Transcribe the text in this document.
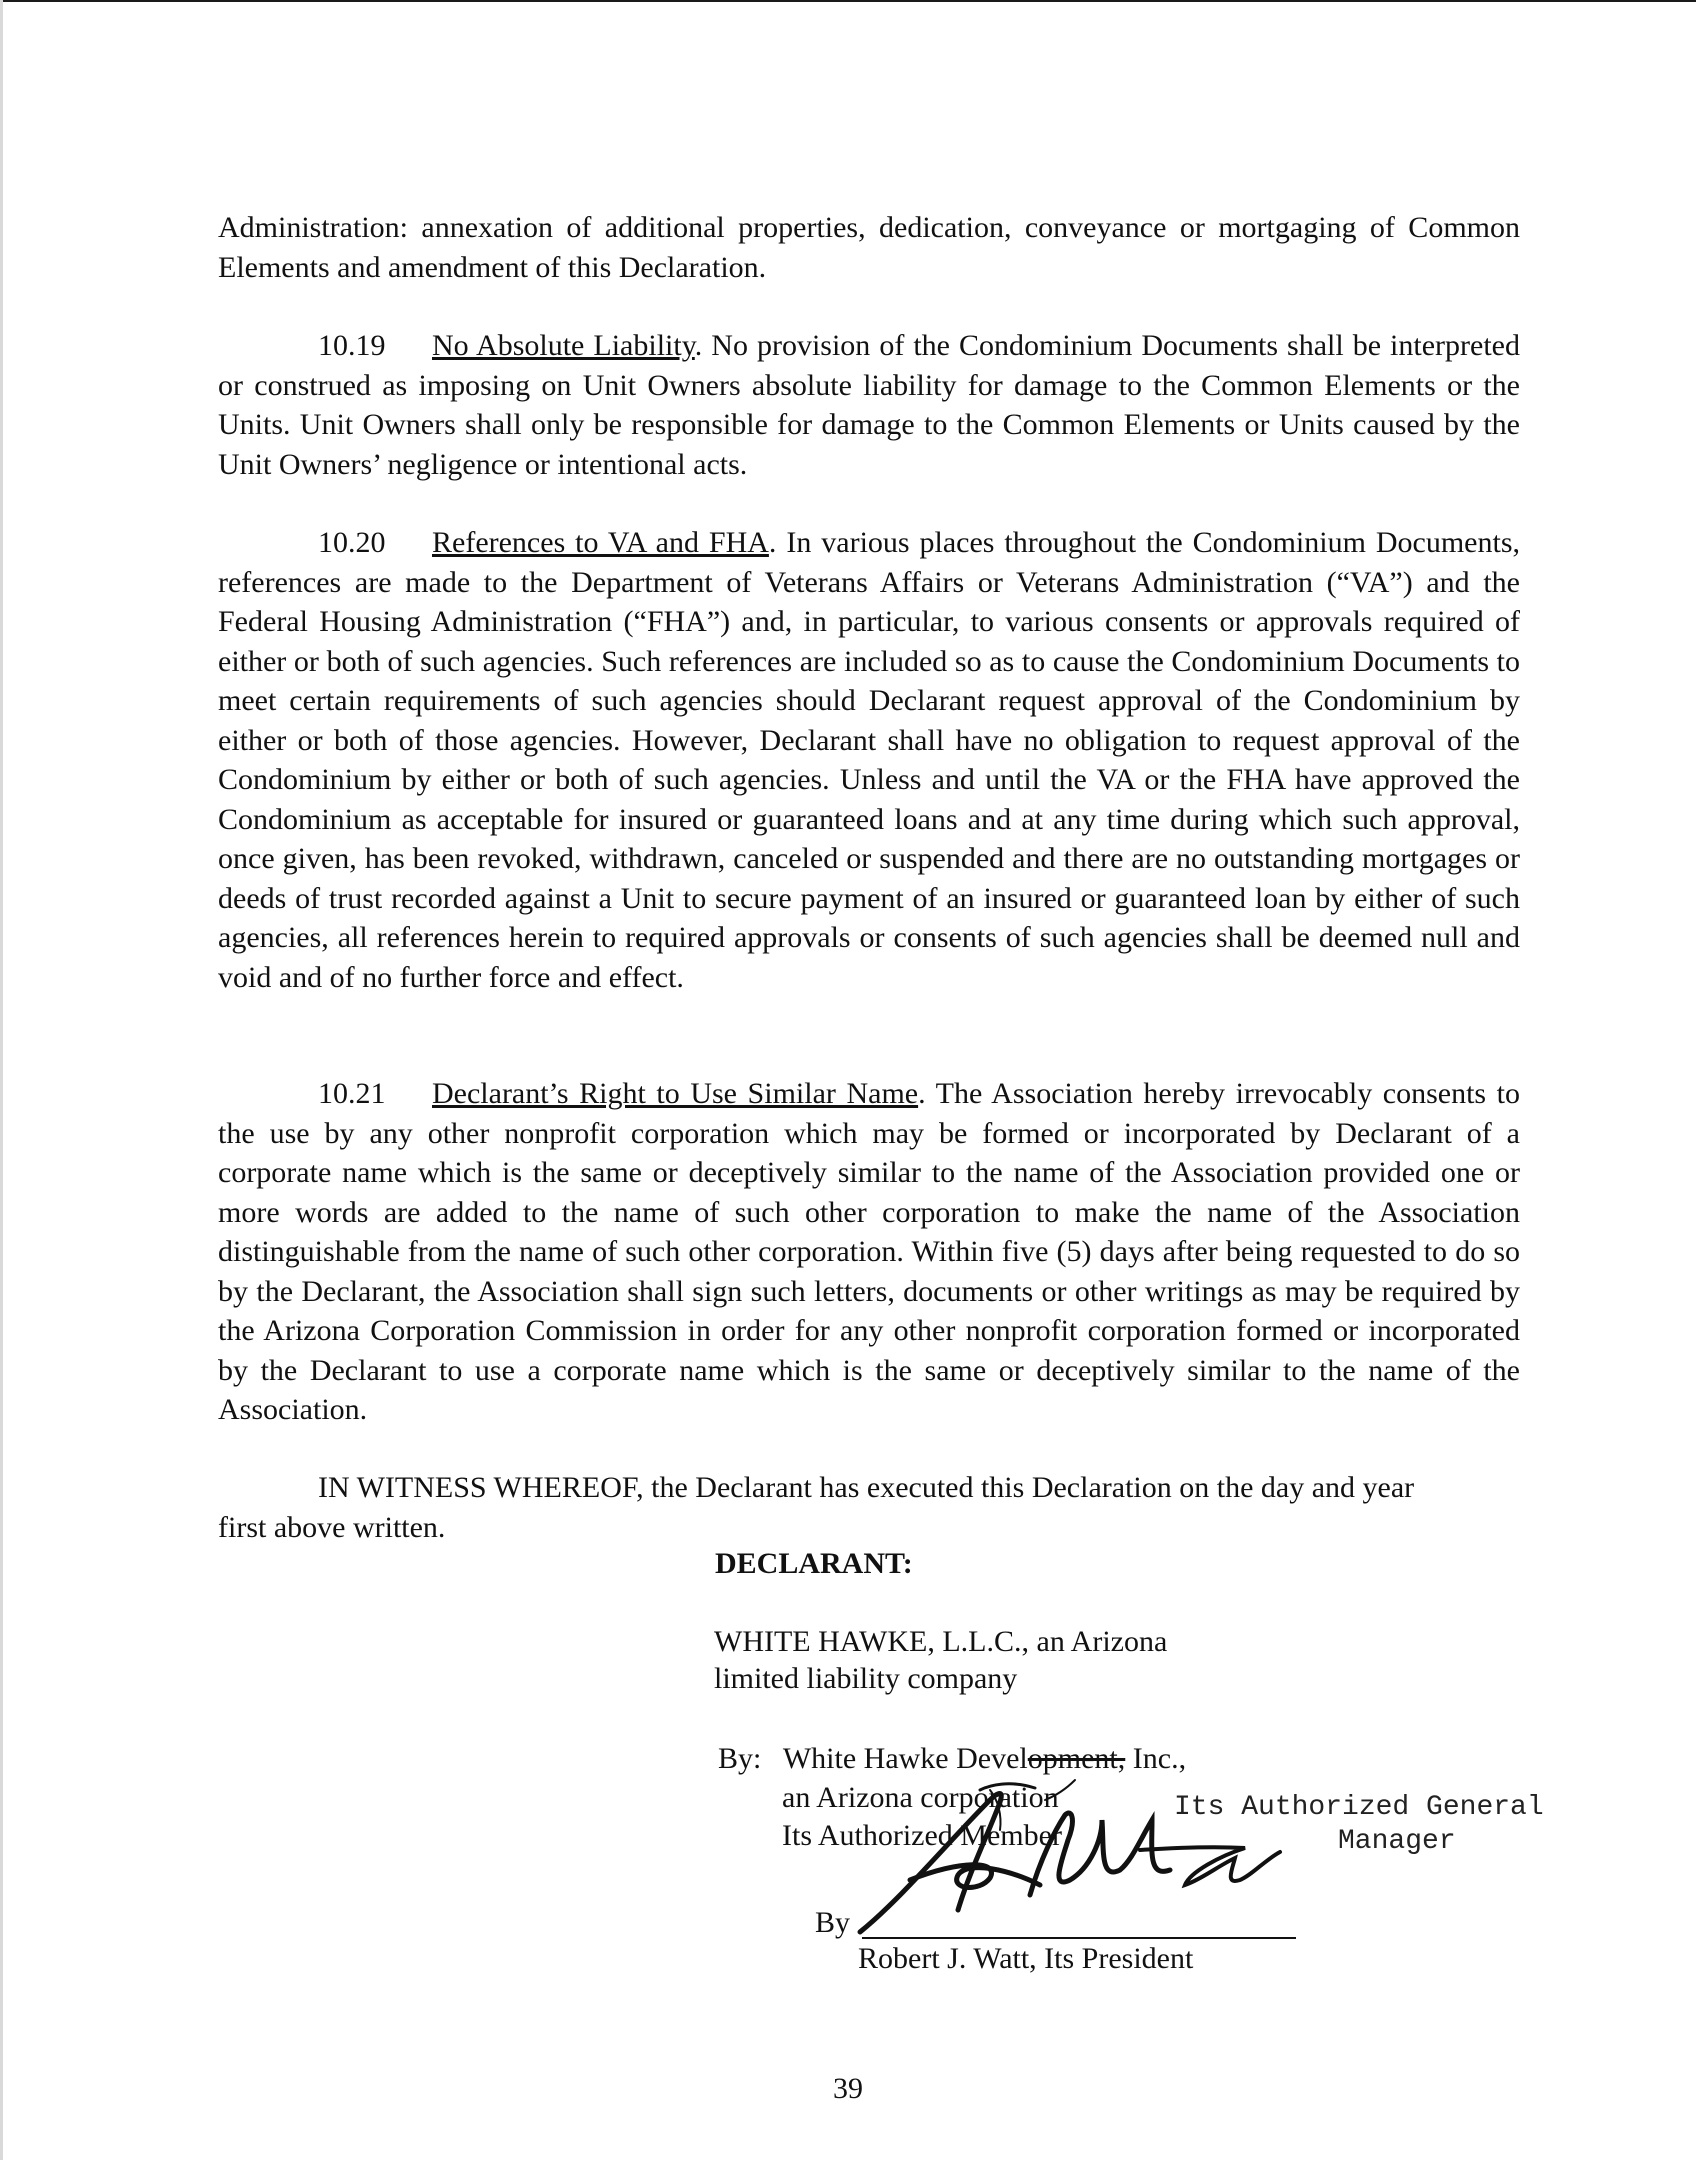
Administration: annexation of additional properties, dedication, conveyance or mortgaging of Common Elements and amendment of this Declaration.

10.19 No Absolute Liability. No provision of the Condominium Documents shall be interpreted or construed as imposing on Unit Owners absolute liability for damage to the Common Elements or the Units. Unit Owners shall only be responsible for damage to the Common Elements or Units caused by the Unit Owners’ negligence or intentional acts.

10.20 References to VA and FHA. In various places throughout the Condominium Documents, references are made to the Department of Veterans Affairs or Veterans Administration (“VA”) and the Federal Housing Administration (“FHA”) and, in particular, to various consents or approvals required of either or both of such agencies. Such references are included so as to cause the Condominium Documents to meet certain requirements of such agencies should Declarant request approval of the Condominium by either or both of those agencies. However, Declarant shall have no obligation to request approval of the Condominium by either or both of such agencies. Unless and until the VA or the FHA have approved the Condominium as acceptable for insured or guaranteed loans and at any time during which such approval, once given, has been revoked, withdrawn, canceled or suspended and there are no outstanding mortgages or deeds of trust recorded against a Unit to secure payment of an insured or guaranteed loan by either of such agencies, all references herein to required approvals or consents of such agencies shall be deemed null and void and of no further force and effect.

10.21 Declarant’s Right to Use Similar Name. The Association hereby irrevocably consents to the use by any other nonprofit corporation which may be formed or incorporated by Declarant of a corporate name which is the same or deceptively similar to the name of the Association provided one or more words are added to the name of such other corporation to make the name of the Association distinguishable from the name of such other corporation. Within five (5) days after being requested to do so by the Declarant, the Association shall sign such letters, documents or other writings as may be required by the Arizona Corporation Commission in order for any other nonprofit corporation formed or incorporated by the Declarant to use a corporate name which is the same or deceptively similar to the name of the Association.

IN WITNESS WHEREOF, the Declarant has executed this Declaration on the day and year first above written.

DECLARANT:
WHITE HAWKE, L.L.C., an Arizona
limited liability company
By: White Hawke Development, Inc.,
an Arizona corporation
Its Authorized Member
Its Authorized General
Manager
By
Robert J. Watt, Its President
39
